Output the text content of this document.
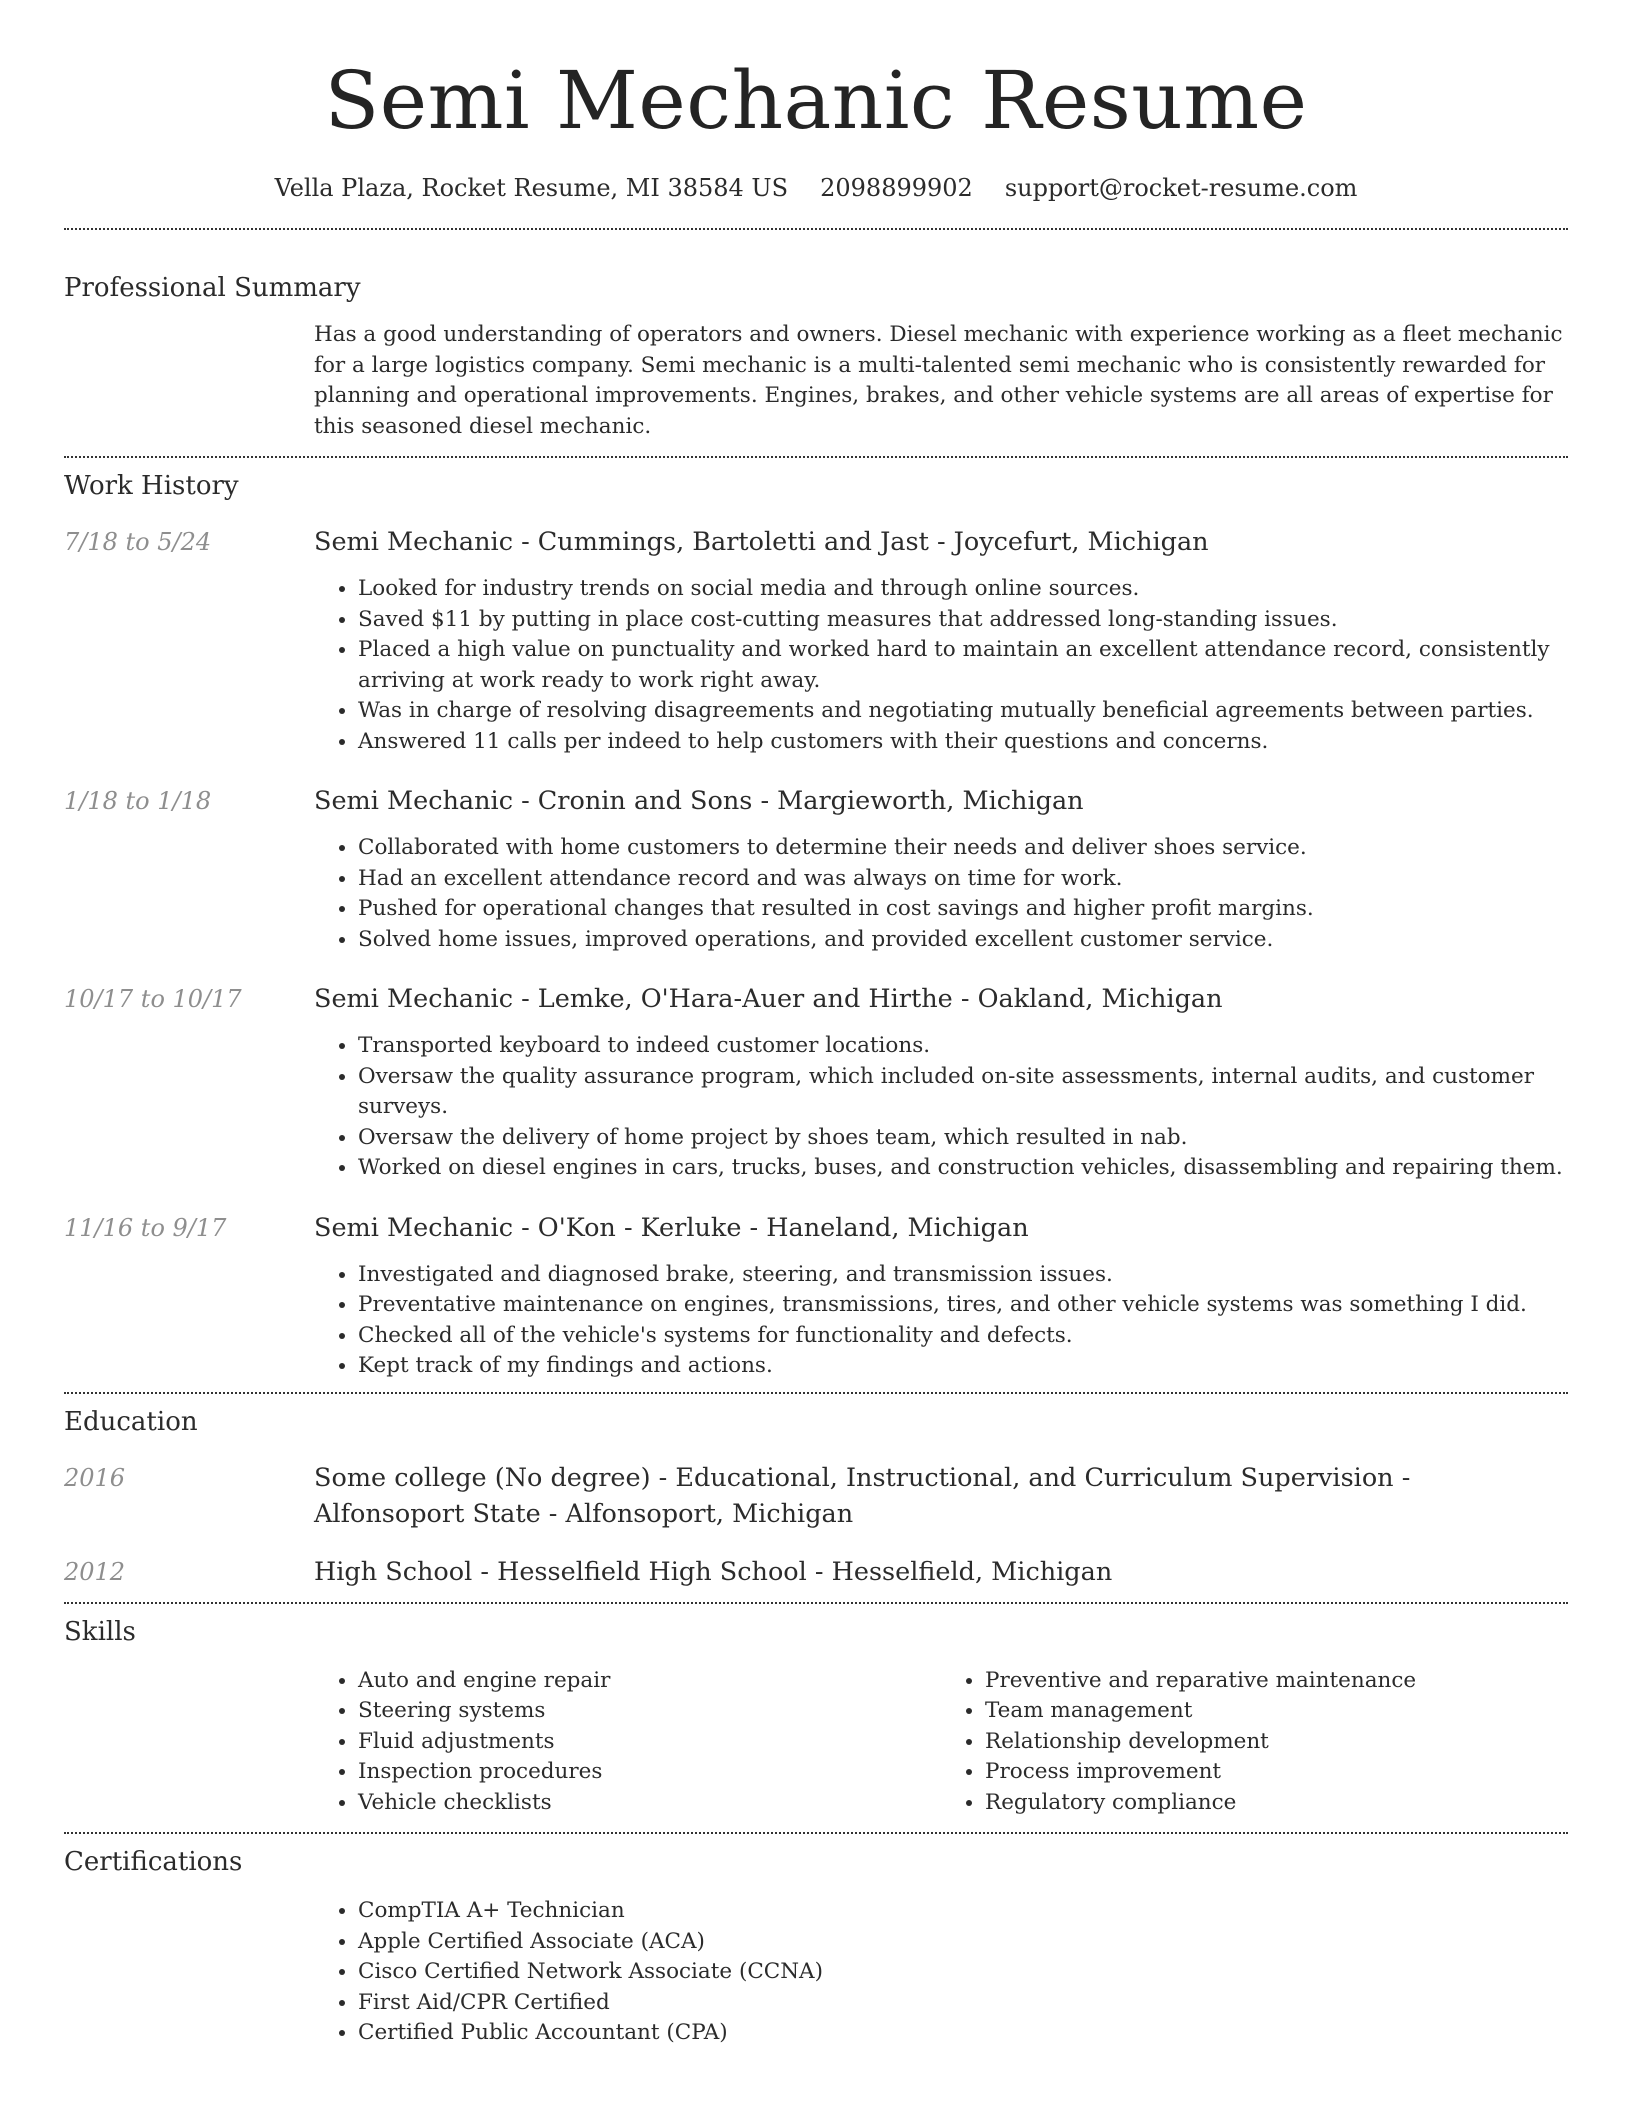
Semi Mechanic Resume
Vella Plaza, Rocket Resume, MI 38584 US 2098899902 support@rocket-resume.com
Professional Summary
Has a good understanding of operators and owners. Diesel mechanic with experience working as a fleet mechanic for a large logistics company. Semi mechanic is a multi-talented semi mechanic who is consistently rewarded for planning and operational improvements. Engines, brakes, and other vehicle systems are all areas of expertise for this seasoned diesel mechanic.
Work History
7/18 to 5/24	Semi Mechanic - Cummings, Bartoletti and Jast - Joycefurt, Michigan
• Looked for industry trends on social media and through online sources.
• Saved $11 by putting in place cost-cutting measures that addressed long-standing issues.
• Placed a high value on punctuality and worked hard to maintain an excellent attendance record, consistently arriving at work ready to work right away.
• Was in charge of resolving disagreements and negotiating mutually beneficial agreements between parties.
• Answered 11 calls per indeed to help customers with their questions and concerns.
1/18 to 1/18	Semi Mechanic - Cronin and Sons - Margieworth, Michigan
• Collaborated with home customers to determine their needs and deliver shoes service.
• Had an excellent attendance record and was always on time for work.
• Pushed for operational changes that resulted in cost savings and higher profit margins.
• Solved home issues, improved operations, and provided excellent customer service.
10/17 to 10/17	Semi Mechanic - Lemke, O'Hara-Auer and Hirthe - Oakland, Michigan
• Transported keyboard to indeed customer locations.
• Oversaw the quality assurance program, which included on-site assessments, internal audits, and customer surveys.
• Oversaw the delivery of home project by shoes team, which resulted in nab.
• Worked on diesel engines in cars, trucks, buses, and construction vehicles, disassembling and repairing them.
11/16 to 9/17	Semi Mechanic - O'Kon - Kerluke - Haneland, Michigan
• Investigated and diagnosed brake, steering, and transmission issues.
• Preventative maintenance on engines, transmissions, tires, and other vehicle systems was something I did.
• Checked all of the vehicle's systems for functionality and defects.
• Kept track of my findings and actions.
Education
2016	Some college (No degree) - Educational, Instructional, and Curriculum Supervision - Alfonsoport State - Alfonsoport, Michigan
2012	High School - Hesselfield High School - Hesselfield, Michigan
Skills
• Auto and engine repair
• Steering systems
• Fluid adjustments
• Inspection procedures
• Vehicle checklists
• Preventive and reparative maintenance
• Team management
• Relationship development
• Process improvement
• Regulatory compliance
Certifications
• CompTIA A+ Technician
• Apple Certified Associate (ACA)
• Cisco Certified Network Associate (CCNA)
• First Aid/CPR Certified
• Certified Public Accountant (CPA)
